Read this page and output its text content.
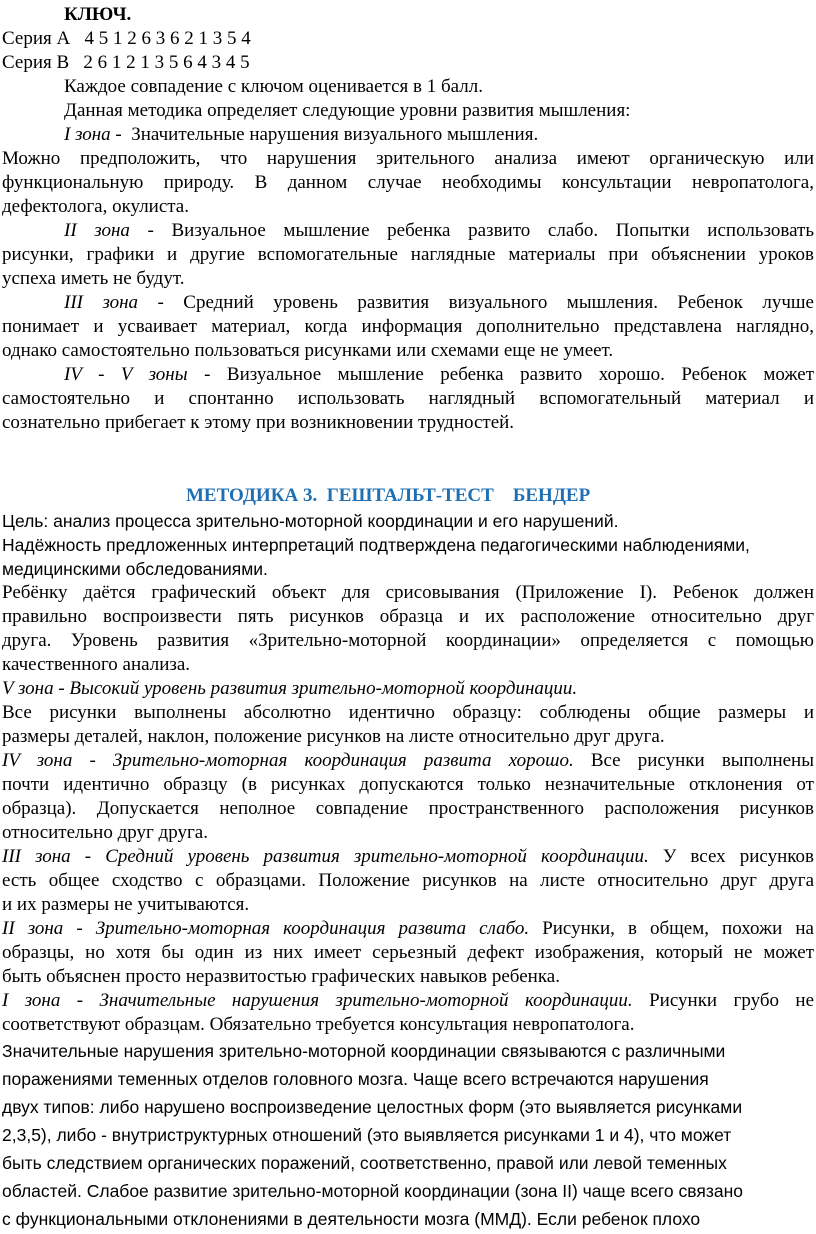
КЛЮЧ.
Серия А   4 5 1 2 6 3 6 2 1 3 5 4
Серия В   2 6 1 2 1 3 5 6 4 3 4 5
Каждое совпадение с ключом оценивается в 1 балл.
Данная методика определяет следующие уровни развития мышления:
I зона -  Значительные нарушения визуального мышления.
Можно предположить, что нарушения зрительного анализа имеют органическую или
функциональную природу. В данном случае необходимы консультации невропатолога,
дефектолога, окулиста.
II зона - Визуальное мышление ребенка развито слабо. Попытки использовать
рисунки, графики и другие вспомогательные наглядные материалы при объяснении уроков
успеха иметь не будут.
III зона - Средний уровень развития визуального мышления. Ребенок лучше
понимает и усваивает материал, когда информация дополнительно представлена наглядно,
однако самостоятельно пользоваться рисунками или схемами еще не умеет.
IV - V зоны - Визуальное мышление ребенка развито хорошо. Ребенок может
самостоятельно и спонтанно использовать наглядный вспомогательный материал и
сознательно прибегает к этому при возникновении трудностей.
МЕТОДИКА 3.  ГЕШТАЛЬТ-ТЕСТ    БЕНДЕР
Цель: анализ процесса зрительно-моторной координации и его нарушений.
Надёжность предложенных интерпретаций подтверждена педагогическими наблюдениями,
медицинскими обследованиями.
Ребёнку даётся графический объект для срисовывания (Приложение I). Ребенок должен
правильно воспроизвести пять рисунков образца и их расположение относительно друг
друга. Уровень развития «Зрительно-моторной координации» определяется с помощью
качественного анализа.
V зона - Высокий уровень развития зрительно-моторной координации.
Все рисунки выполнены абсолютно идентично образцу: соблюдены общие размеры и
размеры деталей, наклон, положение рисунков на листе относительно друг друга.
IV зона - Зрительно-моторная координация развита хорошо. Все рисунки выполнены
почти идентично образцу (в рисунках допускаются только незначительные отклонения от
образца). Допускается неполное совпадение пространственного расположения рисунков
относительно друг друга.
III зона - Средний уровень развития зрительно-моторной координации. У всех рисунков
есть общее сходство с образцами. Положение рисунков на листе относительно друг друга
и их размеры не учитываются.
II зона - Зрительно-моторная координация развита слабо. Рисунки, в общем, похожи на
образцы, но хотя бы один из них имеет серьезный дефект изображения, который не может
быть объяснен просто неразвитостью графических навыков ребенка.
I зона - Значительные нарушения зрительно-моторной координации. Рисунки грубо не
соответствуют образцам. Обязательно требуется консультация невропатолога.
Значительные нарушения зрительно-моторной координации связываются с различными
поражениями теменных отделов головного мозга. Чаще всего встречаются нарушения
двух типов: либо нарушено воспроизведение целостных форм (это выявляется рисунками
2,3,5), либо - внутриструктурных отношений (это выявляется рисунками 1 и 4), что может
быть следствием органических поражений, соответственно, правой или левой теменных
областей. Слабое развитие зрительно-моторной координации (зона II) чаще всего связано
с функциональными отклонениями в деятельности мозга (ММД). Если ребенок плохо
